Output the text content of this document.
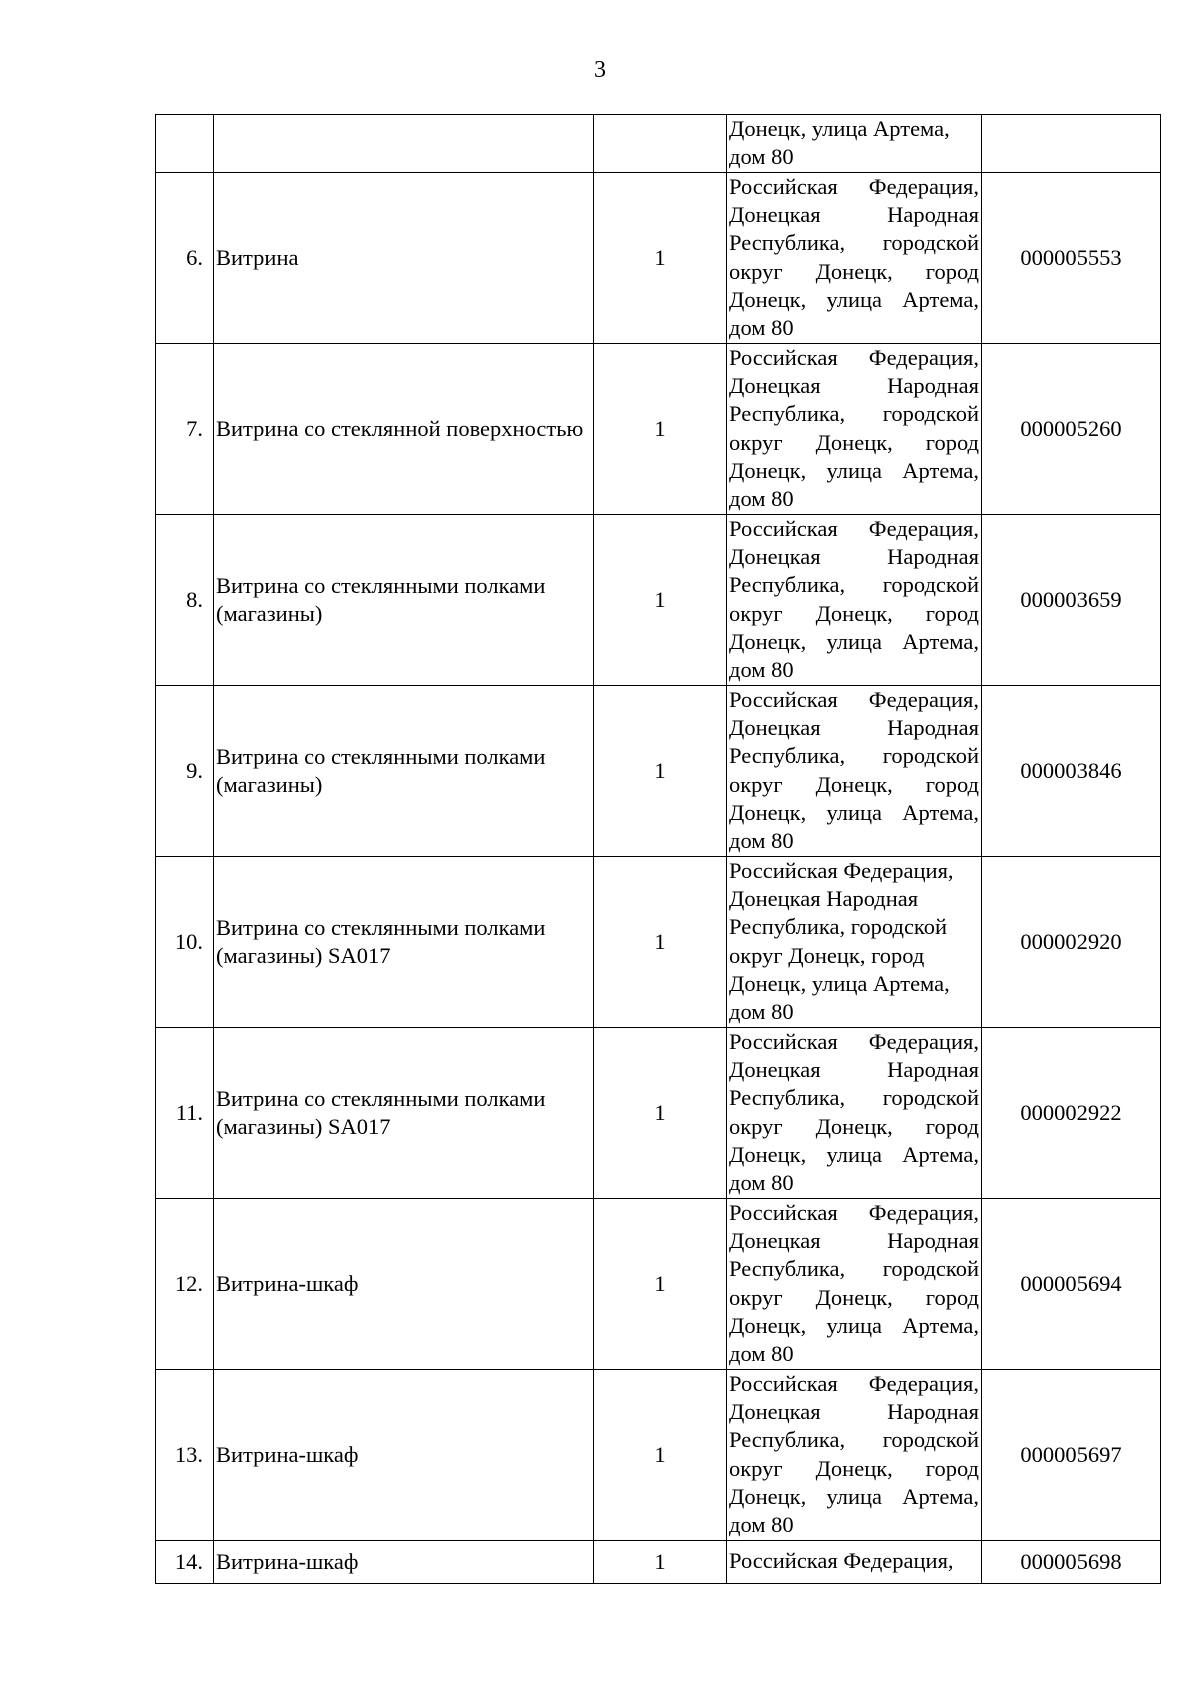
3
			Донецк, улица Артема, дом 80	
6.	Витрина	1	Российская Федерация, Донецкая Народная Республика, городской округ Донецк, город Донецк, улица Артема, дом 80	000005553
7.	Витрина со стеклянной поверхностью	1	Российская Федерация, Донецкая Народная Республика, городской округ Донецк, город Донецк, улица Артема, дом 80	000005260
8.	Витрина со стеклянными полками (магазины)	1	Российская Федерация, Донецкая Народная Республика, городской округ Донецк, город Донецк, улица Артема, дом 80	000003659
9.	Витрина со стеклянными полками (магазины)	1	Российская Федерация, Донецкая Народная Республика, городской округ Донецк, город Донецк, улица Артема, дом 80	000003846
10.	Витрина со стеклянными полками (магазины) SA017	1	Российская Федерация, Донецкая Народная Республика, городской округ Донецк, город Донецк, улица Артема, дом 80	000002920
11.	Витрина со стеклянными полками (магазины) SA017	1	Российская Федерация, Донецкая Народная Республика, городской округ Донецк, город Донецк, улица Артема, дом 80	000002922
12.	Витрина-шкаф	1	Российская Федерация, Донецкая Народная Республика, городской округ Донецк, город Донецк, улица Артема, дом 80	000005694
13.	Витрина-шкаф	1	Российская Федерация, Донецкая Народная Республика, городской округ Донецк, город Донецк, улица Артема, дом 80	000005697
14.	Витрина-шкаф	1	Российская Федерация,	000005698
